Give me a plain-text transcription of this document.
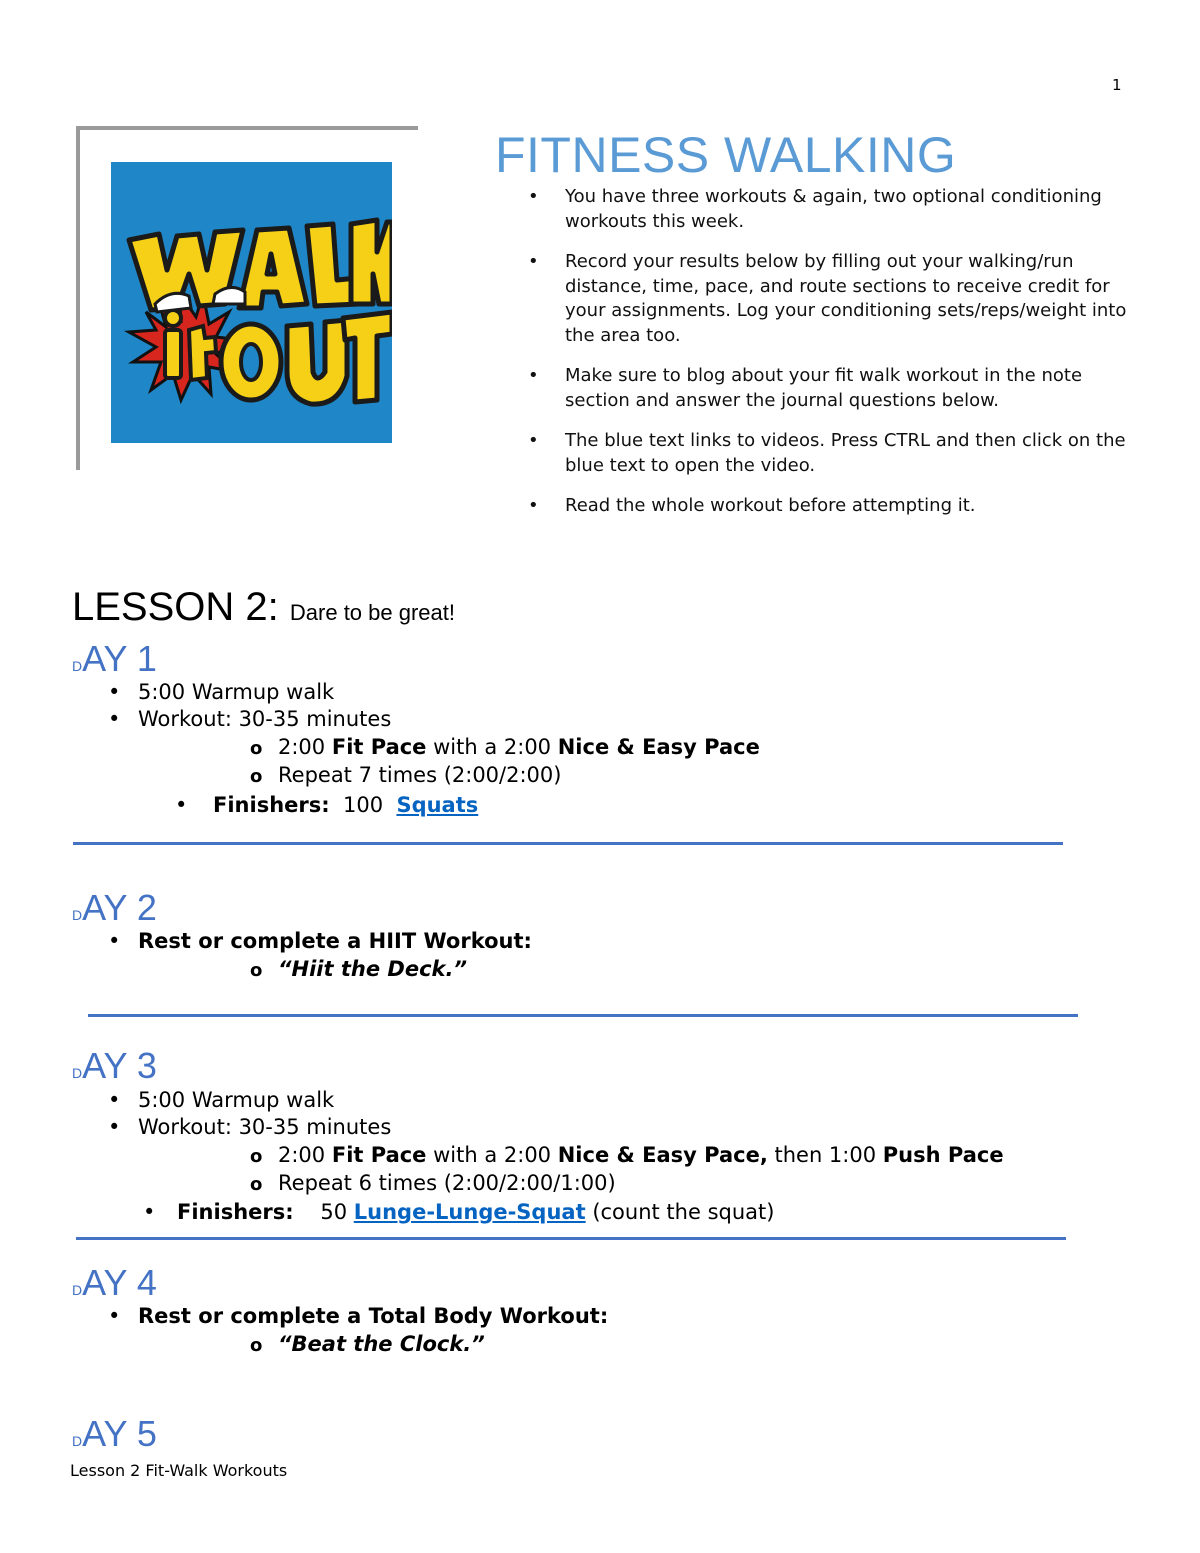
1
FITNESS WALKING
• You have three workouts & again, two optional conditioning workouts this week.
• Record your results below by filling out your walking/run distance, time, pace, and route sections to receive credit for your assignments. Log your conditioning sets/reps/weight into the area too.
• Make sure to blog about your fit walk workout in the note section and answer the journal questions below.
• The blue text links to videos. Press CTRL and then click on the blue text to open the video.
• Read the whole workout before attempting it.
LESSON 2: Dare to be great!
DAY 1
• 5:00 Warmup walk
• Workout: 30-35 minutes
o 2:00 Fit Pace with a 2:00 Nice & Easy Pace
o Repeat 7 times (2:00/2:00)
• Finishers: 100 Squats
DAY 2
• Rest or complete a HIIT Workout:
o “Hiit the Deck.”
DAY 3
• 5:00 Warmup walk
• Workout: 30-35 minutes
o 2:00 Fit Pace with a 2:00 Nice & Easy Pace, then 1:00 Push Pace
o Repeat 6 times (2:00/2:00/1:00)
• Finishers: 50 Lunge-Lunge-Squat (count the squat)
DAY 4
• Rest or complete a Total Body Workout:
o “Beat the Clock.”
DAY 5
Lesson 2 Fit-Walk Workouts
